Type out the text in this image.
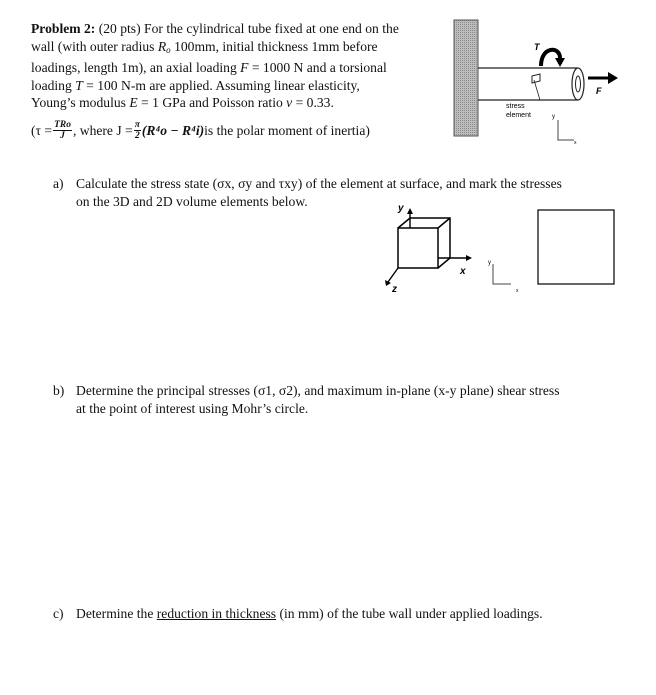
Problem 2: (20 pts) For the cylindrical tube fixed at one end on the
wall (with outer radius Ro 100mm, initial thickness 1mm before
loadings, length 1m), an axial loading F = 1000 N and a torsional
loading T = 100 N-m are applied. Assuming linear elasticity,
Young’s modulus E = 1 GPa and Poisson ratio v = 0.33.
($\tau = \frac{\text{TRo}}{J}$ , where $J = \frac{\pi}{2} (R^4o - R^4i)$ is the polar moment of inertia)
T
F
stress
element	y
x
a) Calculate the stress state (σx, σy and τxy) of the element at surface, and mark the stresses
on the 3D and 2D volume elements below.	y
x
z
y
x
b) Determine the principal stresses (σ1, σ2), and maximum in-plane (x-y plane) shear stress
at the point of interest using Mohr’s circle.
c) Determine the reduction in thickness (in mm) of the tube wall under applied loadings.
